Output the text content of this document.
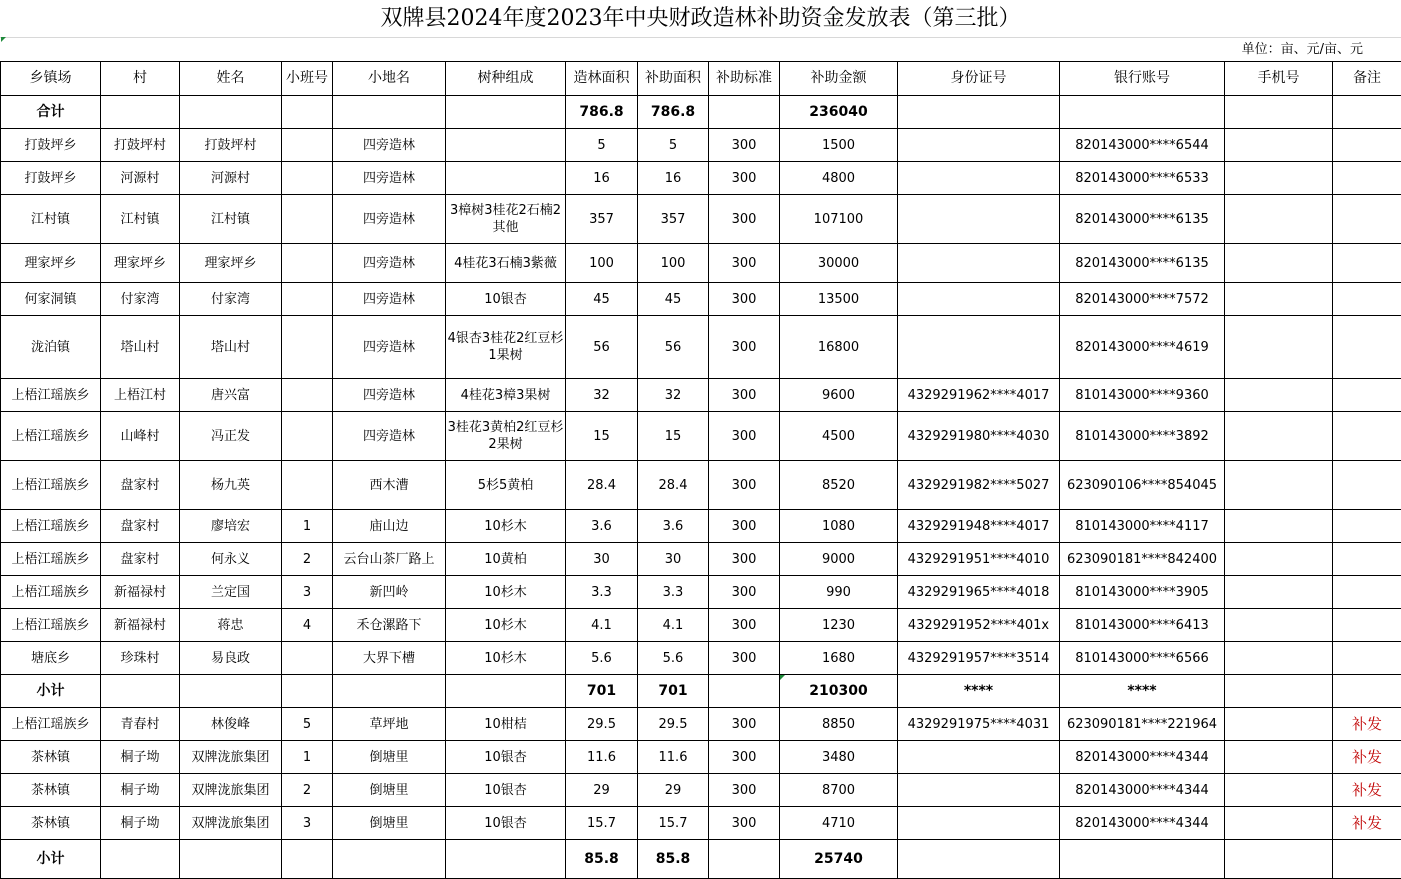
双牌县2024年度2023年中央财政造林补助资金发放表（第三批）
单位：亩、元/亩、元
乡镇场	村	姓名	小班号	小地名	树种组成	造林面积	补助面积	补助标准	补助金额	身份证号	银行账号	手机号	备注
合计						786.8	786.8		236040				
打鼓坪乡	打鼓坪村	打鼓坪村		四旁造林		5	5	300	1500		820143000****6544		
打鼓坪乡	河源村	河源村		四旁造林		16	16	300	4800		820143000****6533		
江村镇	江村镇	江村镇		四旁造林	3樟树3桂花2石楠2其他	357	357	300	107100		820143000****6135		
理家坪乡	理家坪乡	理家坪乡		四旁造林	4桂花3石楠3紫薇	100	100	300	30000		820143000****6135		
何家洞镇	付家湾	付家湾		四旁造林	10银杏	45	45	300	13500		820143000****7572		
泷泊镇	塔山村	塔山村		四旁造林	4银杏3桂花2红豆杉1果树	56	56	300	16800		820143000****4619		
上梧江瑶族乡	上梧江村	唐兴富		四旁造林	4桂花3樟3果树	32	32	300	9600	4329291962****4017	810143000****9360		
上梧江瑶族乡	山峰村	冯正发		四旁造林	3桂花3黄柏2红豆杉2果树	15	15	300	4500	4329291980****4030	810143000****3892		
上梧江瑶族乡	盘家村	杨九英		西木漕	5杉5黄柏	28.4	28.4	300	8520	4329291982****5027	623090106****854045		
上梧江瑶族乡	盘家村	廖培宏	1	庙山边	10杉木	3.6	3.6	300	1080	4329291948****4017	810143000****4117		
上梧江瑶族乡	盘家村	何永义	2	云台山茶厂路上	10黄柏	30	30	300	9000	4329291951****4010	623090181****842400		
上梧江瑶族乡	新福禄村	兰定国	3	新凹岭	10杉木	3.3	3.3	300	990	4329291965****4018	810143000****3905		
上梧江瑶族乡	新福禄村	蒋忠	4	禾仓漯路下	10杉木	4.1	4.1	300	1230	4329291952****401x	810143000****6413		
塘底乡	珍珠村	易良政		大界下槽	10杉木	5.6	5.6	300	1680	4329291957****3514	810143000****6566		
小计						701	701		210300	****	****		
上梧江瑶族乡	青春村	林俊峰	5	草坪地	10柑桔	29.5	29.5	300	8850	4329291975****4031	623090181****221964		补发
茶林镇	桐子坳	双牌泷旅集团	1	倒塘里	10银杏	11.6	11.6	300	3480		820143000****4344		补发
茶林镇	桐子坳	双牌泷旅集团	2	倒塘里	10银杏	29	29	300	8700		820143000****4344		补发
茶林镇	桐子坳	双牌泷旅集团	3	倒塘里	10银杏	15.7	15.7	300	4710		820143000****4344		补发
小计						85.8	85.8		25740				
